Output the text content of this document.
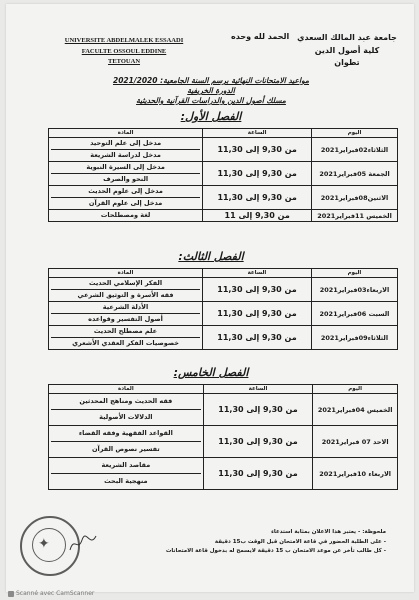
UNIVERSITE ABDELMALEK ESSAADI
FACULTE OSSOUL EDDINE
TETOUAN
الحمد لله وحده جامعة عبد المالك السعدي
كلية أصول الدين
تطوان
مواعيد الامتحانات النهائية برسم السنة الجامعية: 2021/2020
الدورة الخريفية
مسلك أصول الدين والدراسات القرآنية والحديثية
الفصل الأول:
اليوم	الساعة	المادة
الثلاثاء02فبراير2021	من 9,30 إلى 11,30	مدخل إلى علم التوحيد
مدخل لدراسة الشريعة

الجمعة 05فبراير2021	من 9,30 إلى 11,30	مدخل إلى السيرة النبوية
النحو والصرف

الاثنين08فبراير2021	من 9,30 إلى 11,30	مدخل إلى علوم الحديث
مدخل إلى علوم القرآن

الخميس 11فبراير2021	من 9,30 إلى 11	لغة ومصطلحات
الفصل الثالث:
اليوم	الساعة	المادة
الاربعاء03فبراير2021	من 9,30 إلى 11,30	الفكر الإسلامي الحديث
فقه الأسرة و التوثيق الشرعي

السبت 06فبراير2021	من 9,30 إلى 11,30	الأدلة الشرعية
أصول التفسير وقواعده

الثلاثاء09فبراير2021	من 9,30 إلى 11,30	علم مصطلح الحديث
خصوصيات الفكر العقدي الأشعري
الفصل الخامس:
اليوم	الساعة	المادة
الخميس 04فبراير2021	من 9,30 إلى 11,30	فقه الحديث ومناهج المحدثين
الدلالات الأصولية

الاحد 07 فبراير2021	من 9,30 إلى 11,30	القواعد الفقهية وفقه القضاء
تفسير نصوص القرآن

الاربعاء 10فبراير2021	من 9,30 إلى 11,30	مقاصد الشريعة
منهجية البحث
ملحوظة: - يعتبر هذا الاعلان بمثابة استدعاء
- على الطلبة الحضور في قاعة الامتحان قبل الوقت ب15 دقيقة
- كل طالب تأخر عن موعد الامتحان ب 15 دقيقة لايسمح له بدخول قاعة الامتحانات
✦
Scanné avec CamScanner
